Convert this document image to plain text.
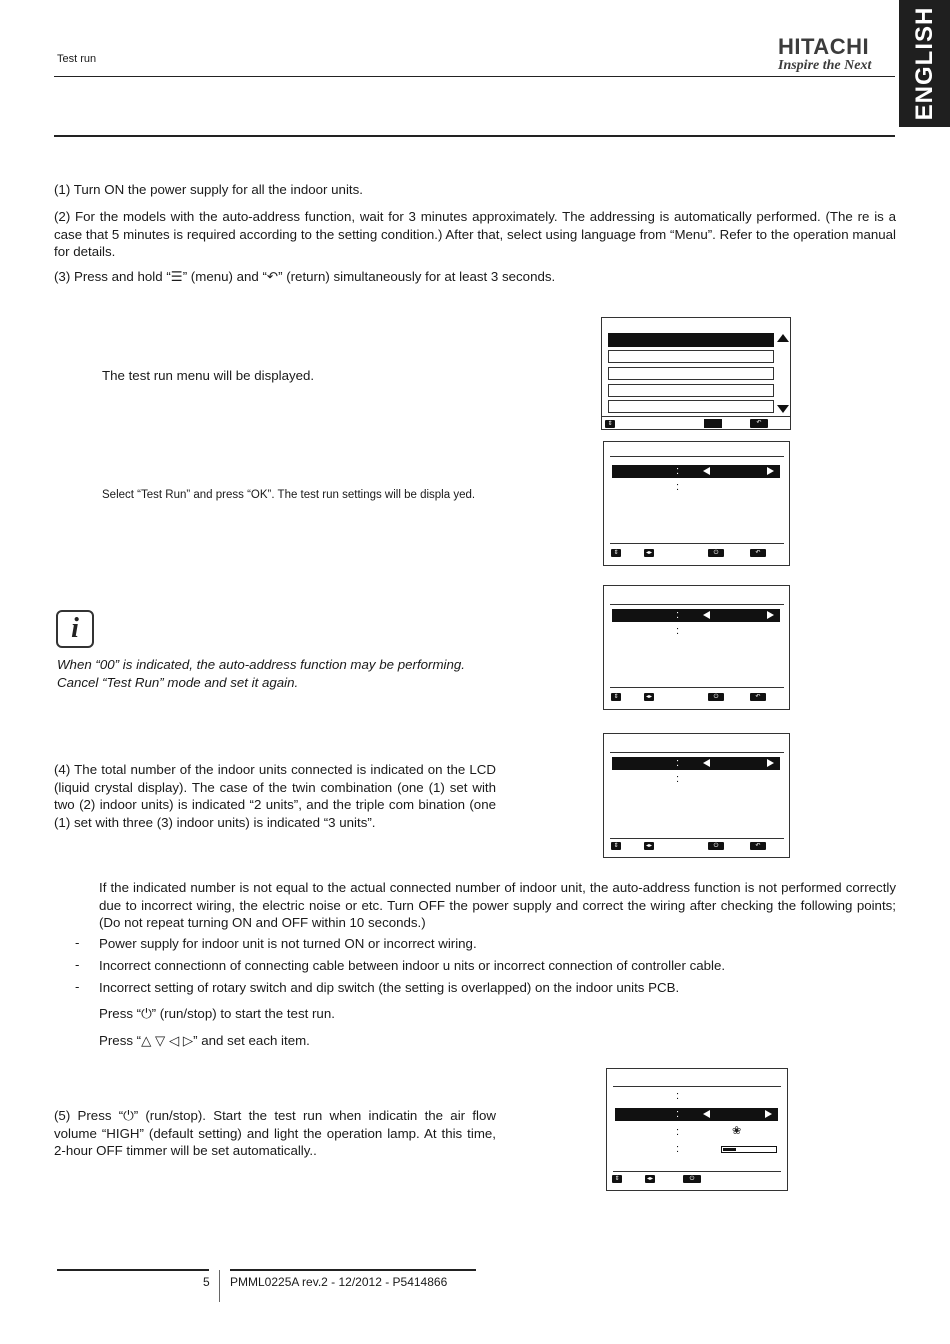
Test run	HITACHI
Inspire the Next	ENGLISH
(1) Turn ON the power supply for all the indoor units.
(2) For the models with the auto-address function, wait for 3 minutes approximately. The addressing is automatically performed. (The re is a case that 5 minutes is required according to the setting condition.) After that, select using language from “Menu”. Refer to the operation manual for details.
(3) Press and hold “☰” (menu) and “↶” (return) simultaneously for at least 3 seconds.
⇕	↶
The test run menu will be displayed.
:
:
⇕	◂▸	⏻	↶
Select “Test Run” and press “OK”. The test run settings will be displa yed.
:
:
⇕	◂▸	⏻	↶
i
When “00” is indicated, the auto-address function may be performing. Cancel “Test Run” mode and set it again.
:
:
⇕	◂▸	⏻	↶
(4) The total number of the indoor units connected is indicated on the LCD (liquid crystal display). The case of the twin combination (one (1) set with two (2) indoor units) is indicated “2 units”, and the triple com bination (one (1) set with three (3) indoor units) is indicated “3 units”.
If the indicated number is not equal to the actual connected number of indoor unit, the auto-address function is not performed correctly due to incorrect wiring, the electric noise or etc. Turn OFF the power supply and correct the wiring after checking the following points; (Do not repeat turning ON and OFF within 10 seconds.)
- Power supply for indoor unit is not turned ON or incorrect wiring.
- Incorrect connectionn of connecting cable between indoor u nits or incorrect connection of controller cable.
- Incorrect setting of rotary switch and dip switch (the setting is overlapped) on the indoor units PCB.
Press “⏻” (run/stop) to start the test run.
Press “△ ▽ ◁ ▷” and set each item.
:
:
:	❀
:
⇕	◂▸	⏻
(5) Press “⏻” (run/stop). Start the test run when indicatin the air flow volume “HIGH” (default setting) and light the operation lamp. At this time, 2-hour OFF timmer will be set automatically..
5 PMML0225A rev.2 - 12/2012 - P5414866
